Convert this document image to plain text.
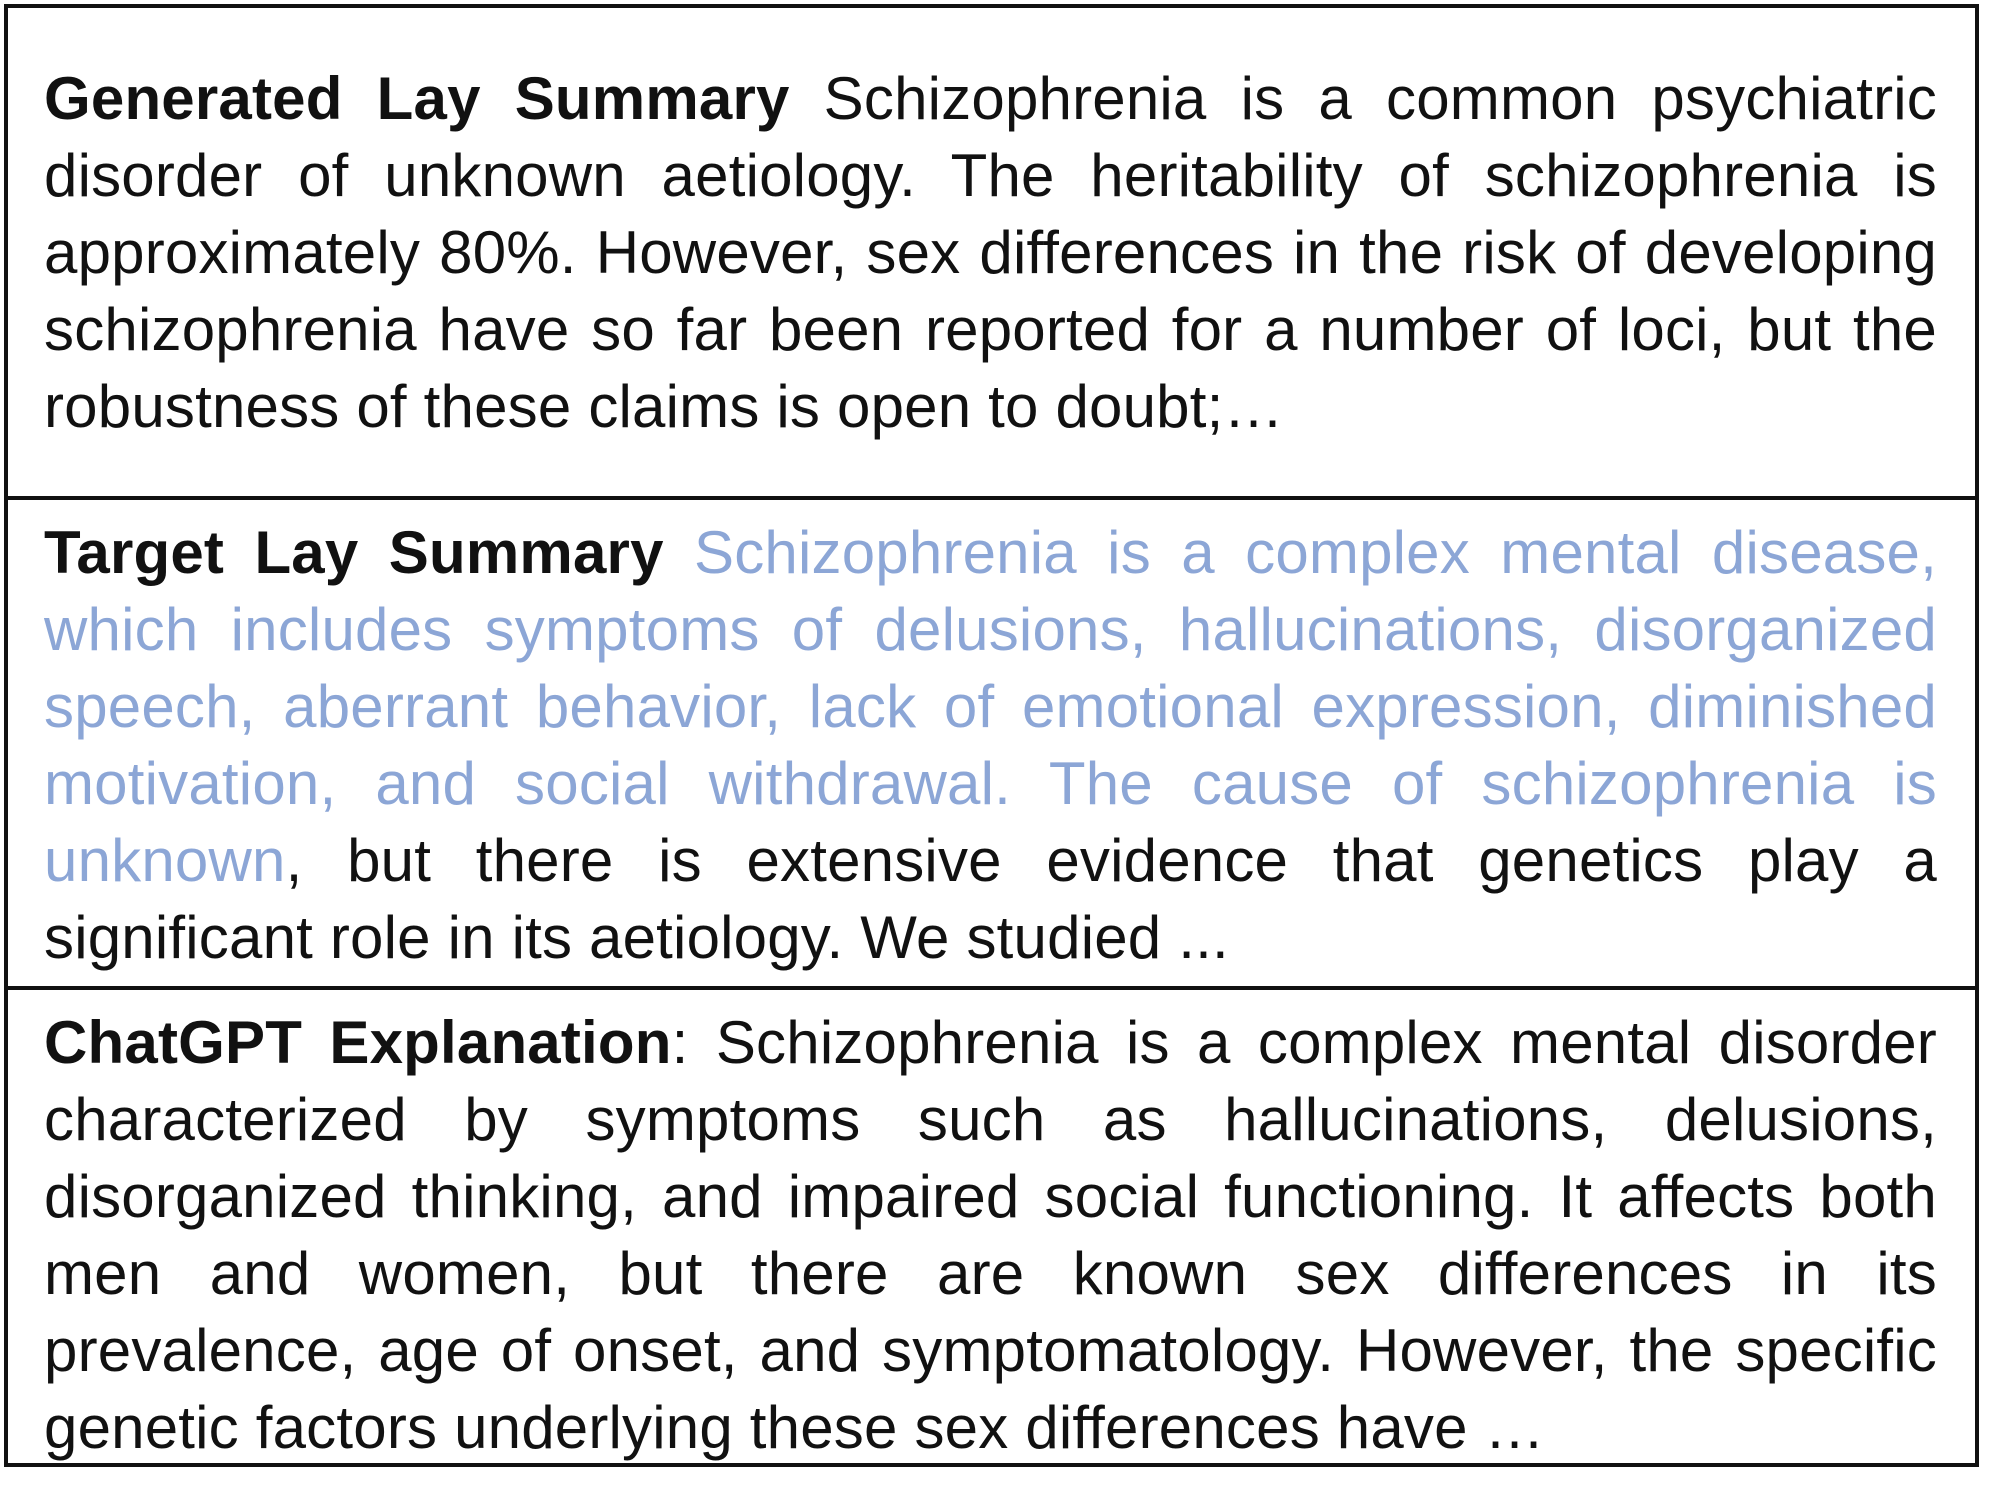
Generated Lay Summary Schizophrenia is a common psychiatric disorder of unknown aetiology. The heritability of schizophrenia is approximately 80%. However, sex differences in the risk of developing schizophrenia have so far been reported for a number of loci, but the robustness of these claims is open to doubt;…
Target Lay Summary Schizophrenia is a complex mental disease, which includes symptoms of delusions, hallucinations, disorganized speech, aberrant behavior, lack of emotional expression, diminished motivation, and social withdrawal. The cause of schizophrenia is unknown, but there is extensive evidence that genetics play a significant role in its aetiology. We studied ...
ChatGPT Explanation: Schizophrenia is a complex mental disorder characterized by symptoms such as hallucinations, delusions, disorganized thinking, and impaired social functioning. It affects both men and women, but there are known sex differences in its prevalence, age of onset, and symptomatology. However, the specific genetic factors underlying these sex differences have …
